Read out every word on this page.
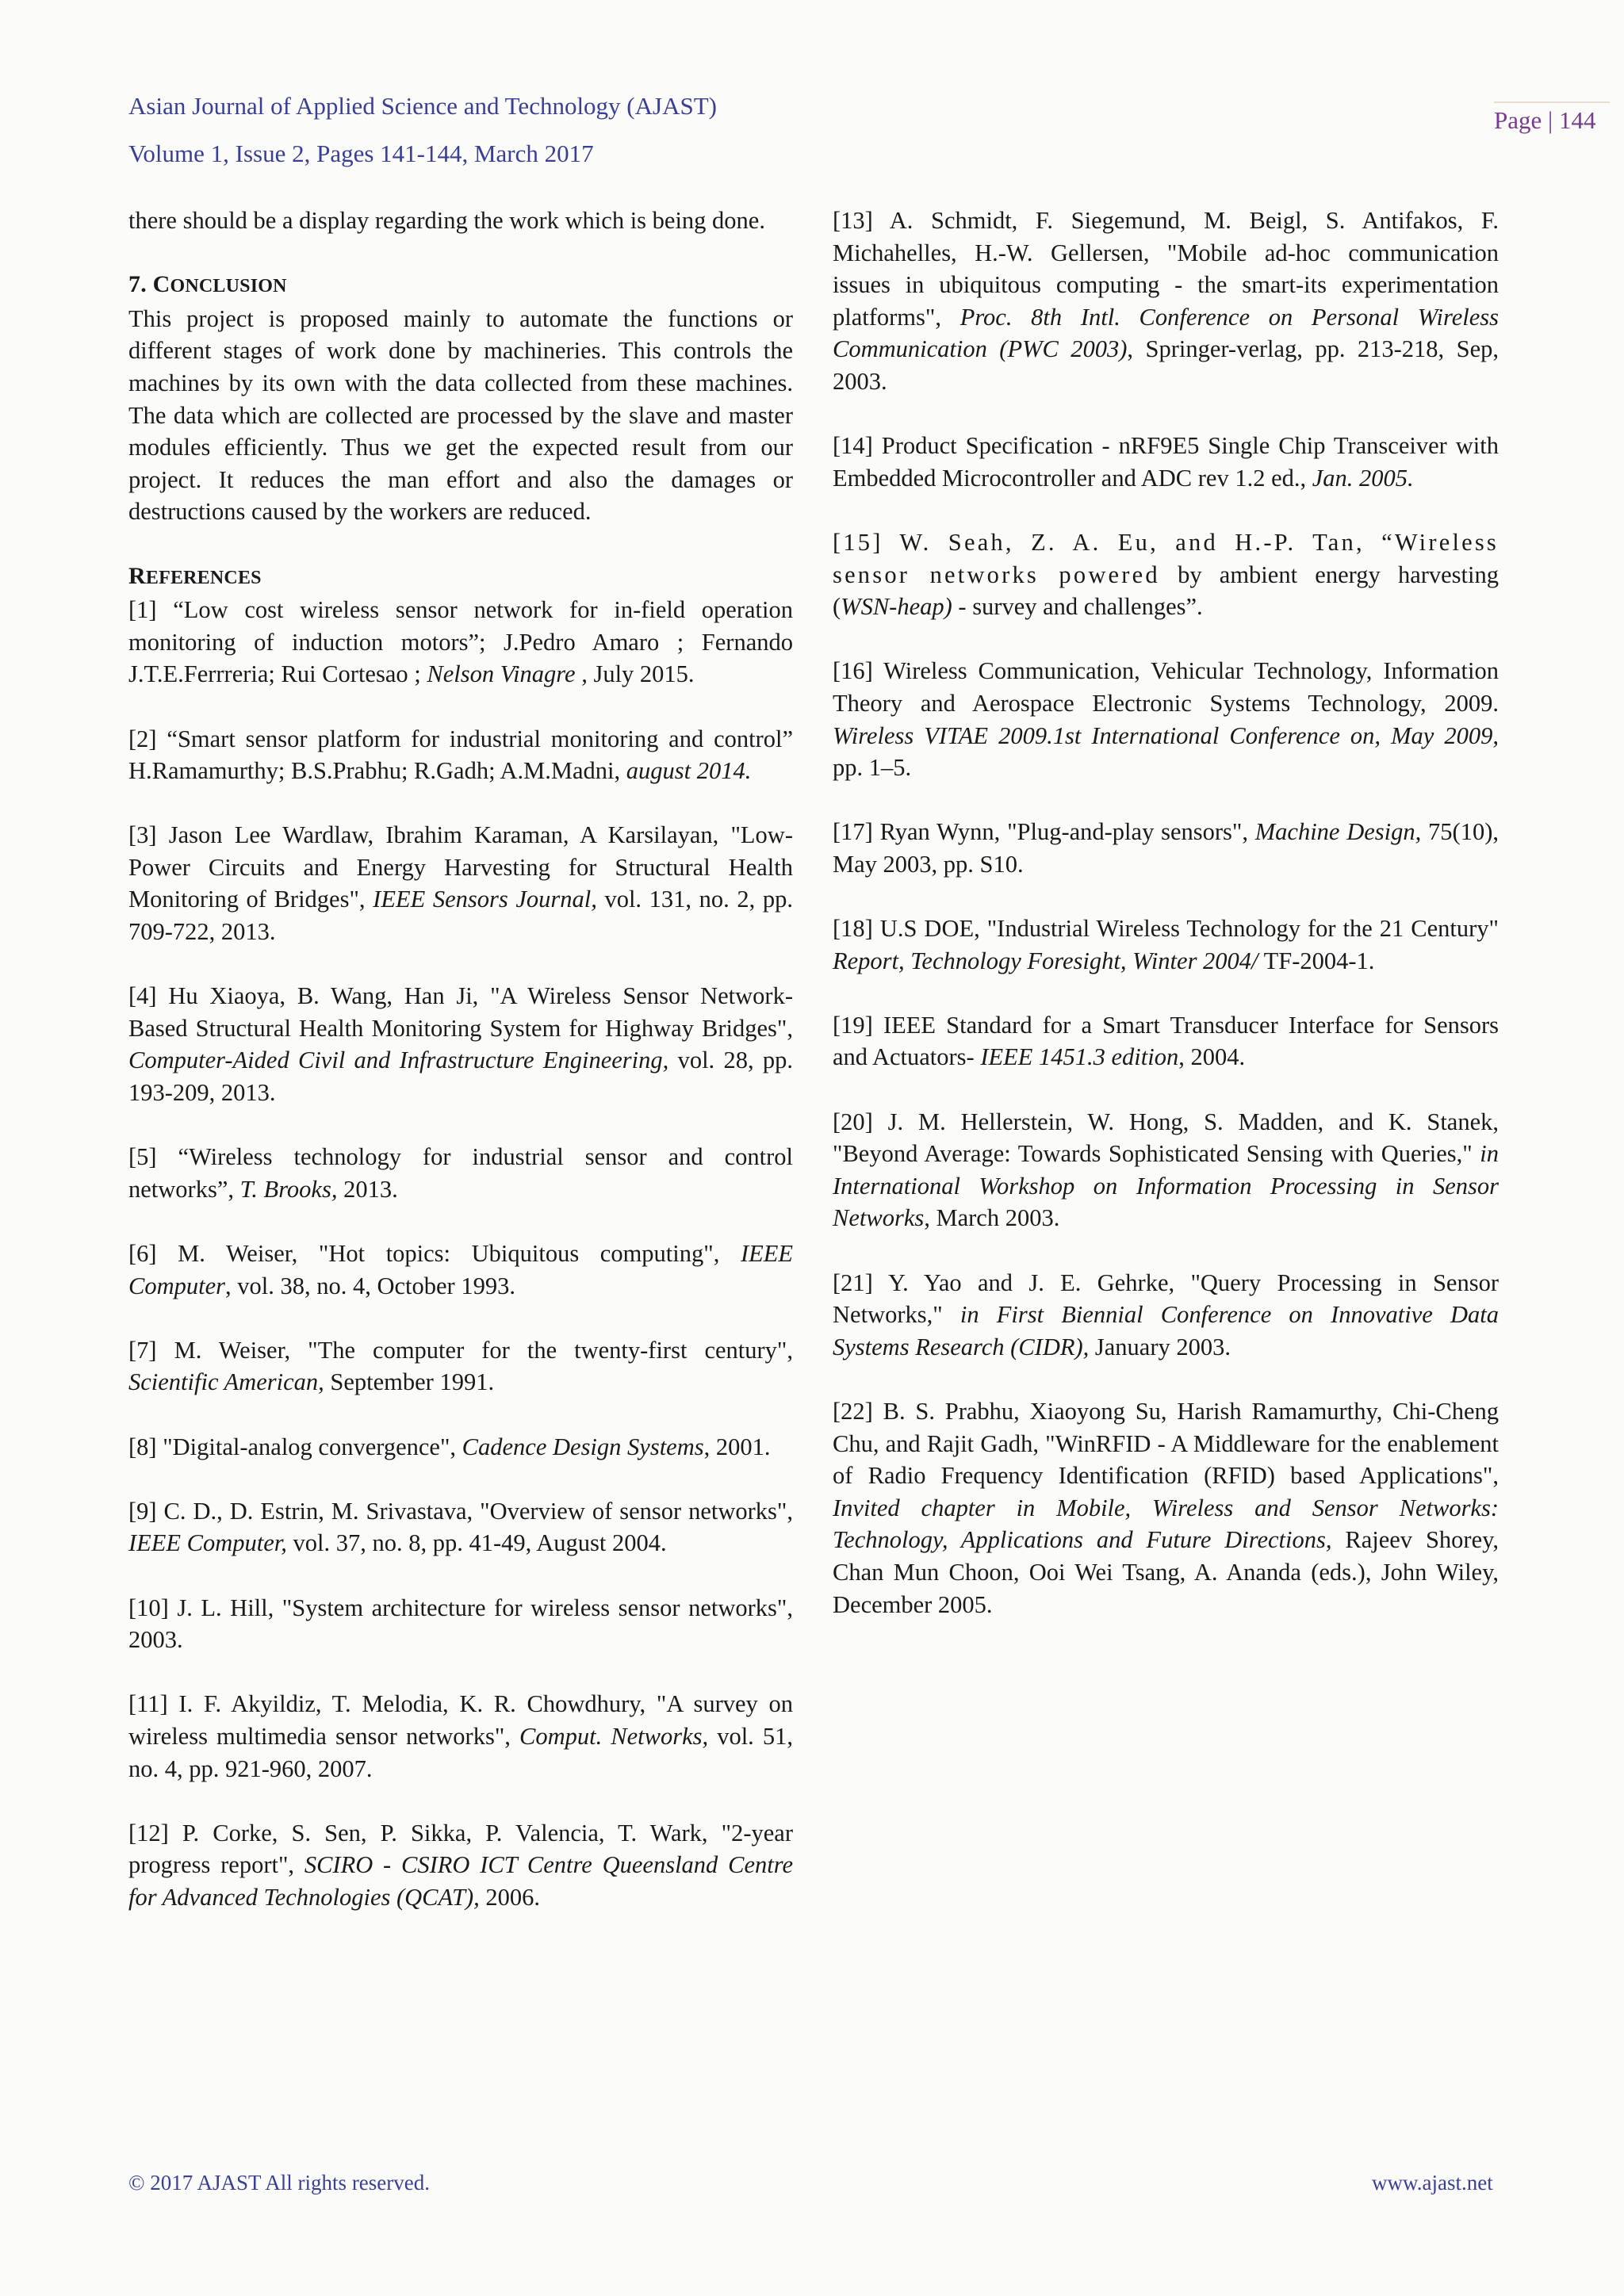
Asian Journal of Applied Science and Technology (AJAST)
Volume 1, Issue 2, Pages 141-144, March 2017
Page | 144

there should be a display regarding the work which is being done.

7. CONCLUSION

This project is proposed mainly to automate the functions or different stages of work done by machineries. This controls the machines by its own with the data collected from these machines. The data which are collected are processed by the slave and master modules efficiently. Thus we get the expected result from our project. It reduces the man effort and also the damages or destructions caused by the workers are reduced.

REFERENCES

[1] “Low cost wireless sensor network for in-field operation monitoring of induction motors”; J.Pedro Amaro ; Fernando J.T.E.Ferrreria; Rui Cortesao ; Nelson Vinagre , July 2015.

[2] “Smart sensor platform for industrial monitoring and control” H.Ramamurthy; B.S.Prabhu; R.Gadh; A.M.Madni, august 2014.

[3] Jason Lee Wardlaw, Ibrahim Karaman, A Karsilayan, "Low-Power Circuits and Energy Harvesting for Structural Health Monitoring of Bridges", IEEE Sensors Journal, vol. 131, no. 2, pp. 709-722, 2013.

[4] Hu Xiaoya, B. Wang, Han Ji, "A Wireless Sensor Network-Based Structural Health Monitoring System for Highway Bridges", Computer-Aided Civil and Infrastructure Engineering, vol. 28, pp. 193-209, 2013.

[5] “Wireless technology for industrial sensor and control networks”, T. Brooks, 2013.

[6] M. Weiser, "Hot topics: Ubiquitous computing", IEEE Computer, vol. 38, no. 4, October 1993.

[7] M. Weiser, "The computer for the twenty-first century", Scientific American, September 1991.

[8] "Digital-analog convergence", Cadence Design Systems, 2001.

[9] C. D., D. Estrin, M. Srivastava, "Overview of sensor networks", IEEE Computer, vol. 37, no. 8, pp. 41-49, August 2004.

[10] J. L. Hill, "System architecture for wireless sensor networks", 2003.

[11] I. F. Akyildiz, T. Melodia, K. R. Chowdhury, "A survey on wireless multimedia sensor networks", Comput. Networks, vol. 51, no. 4, pp. 921-960, 2007.

[12] P. Corke, S. Sen, P. Sikka, P. Valencia, T. Wark, "2-year progress report", SCIRO - CSIRO ICT Centre Queensland Centre for Advanced Technologies (QCAT), 2006.

[13] A. Schmidt, F. Siegemund, M. Beigl, S. Antifakos, F. Michahelles, H.-W. Gellersen, "Mobile ad-hoc communication issues in ubiquitous computing - the smart-its experimentation platforms", Proc. 8th Intl. Conference on Personal Wireless Communication (PWC 2003), Springer-verlag, pp. 213-218, Sep, 2003.

[14] Product Specification - nRF9E5 Single Chip Transceiver with Embedded Microcontroller and ADC rev 1.2 ed., Jan. 2005.

[15] W. Seah, Z. A. Eu, and H.-P. Tan, “Wireless sensor networks powered by ambient energy harvesting (WSN-heap) - survey and challenges”.

[16] Wireless Communication, Vehicular Technology, Information Theory and Aerospace Electronic Systems Technology, 2009. Wireless VITAE 2009.1st International Conference on, May 2009, pp. 1–5.

[17] Ryan Wynn, "Plug-and-play sensors", Machine Design, 75(10), May 2003, pp. S10.

[18] U.S DOE, "Industrial Wireless Technology for the 21 Century" Report, Technology Foresight, Winter 2004/ TF-2004-1.

[19] IEEE Standard for a Smart Transducer Interface for Sensors and Actuators- IEEE 1451.3 edition, 2004.

[20] J. M. Hellerstein, W. Hong, S. Madden, and K. Stanek, "Beyond Average: Towards Sophisticated Sensing with Queries," in International Workshop on Information Processing in Sensor Networks, March 2003.

[21] Y. Yao and J. E. Gehrke, "Query Processing in Sensor Networks," in First Biennial Conference on Innovative Data Systems Research (CIDR), January 2003.

[22] B. S. Prabhu, Xiaoyong Su, Harish Ramamurthy, Chi-Cheng Chu, and Rajit Gadh, "WinRFID - A Middleware for the enablement of Radio Frequency Identification (RFID) based Applications", Invited chapter in Mobile, Wireless and Sensor Networks: Technology, Applications and Future Directions, Rajeev Shorey, Chan Mun Choon, Ooi Wei Tsang, A. Ananda (eds.), John Wiley, December 2005.

© 2017 AJAST All rights reserved.	www.ajast.net
